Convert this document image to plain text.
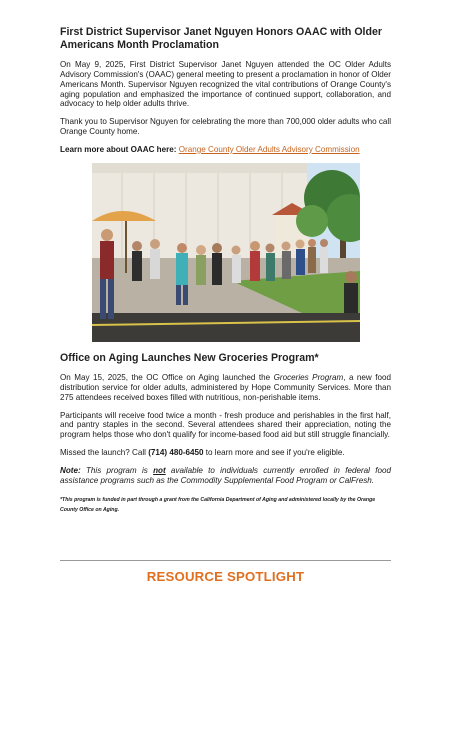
First District Supervisor Janet Nguyen Honors OAAC with Older Americans Month Proclamation

On May 9, 2025, First District Supervisor Janet Nguyen attended the OC Older Adults Advisory Commission's (OAAC) general meeting to present a proclamation in honor of Older Americans Month. Supervisor Nguyen recognized the vital contributions of Orange County's aging population and emphasized the importance of continued support, collaboration, and advocacy to help older adults thrive.

Thank you to Supervisor Nguyen for celebrating the more than 700,000 older adults who call Orange County home.

Learn more about OAAC here: Orange County Older Adults Advisory Commission

Office on Aging Launches New Groceries Program*

On May 15, 2025, the OC Office on Aging launched the Groceries Program, a new food distribution service for older adults, administered by Hope Community Services. More than 275 attendees received boxes filled with nutritious, non-perishable items.

Participants will receive food twice a month - fresh produce and perishables in the first half, and pantry staples in the second. Several attendees shared their appreciation, noting the program helps those who don't qualify for income-based food aid but still struggle financially.

Missed the launch? Call (714) 480-6450 to learn more and see if you're eligible.

Note: This program is not available to individuals currently enrolled in federal food assistance programs such as the Commodity Supplemental Food Program or CalFresh.

*This program is funded in part through a grant from the California Department of Aging and administered locally by the Orange County Office on Aging.

RESOURCE SPOTLIGHT
